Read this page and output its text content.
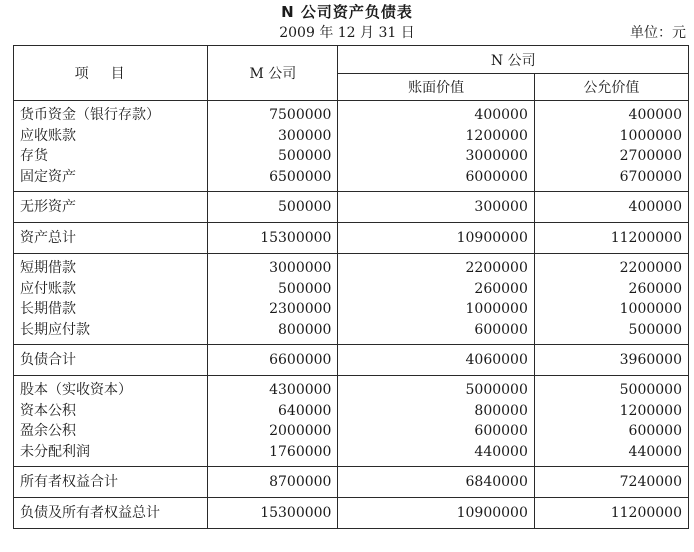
N 公司资产负债表
2009 年 12 月 31 日	单位：元
项目	M 公司	N 公司	
		账面价值	公允价值
货币资金（银行存款）	7500000	400000	400000
应收账款	300000	1200000	1000000
存货	500000	3000000	2700000
固定资产	6500000	6000000	6700000
无形资产	500000	300000	400000
资产总计	15300000	10900000	11200000
短期借款	3000000	2200000	2200000
应付账款	500000	260000	260000
长期借款	2300000	1000000	1000000
长期应付款	800000	600000	500000
负债合计	6600000	4060000	3960000
股本（实收资本）	4300000	5000000	5000000
资本公积	640000	800000	1200000
盈余公积	2000000	600000	600000
未分配利润	1760000	440000	440000
所有者权益合计	8700000	6840000	7240000
负债及所有者权益总计	15300000	10900000	11200000
